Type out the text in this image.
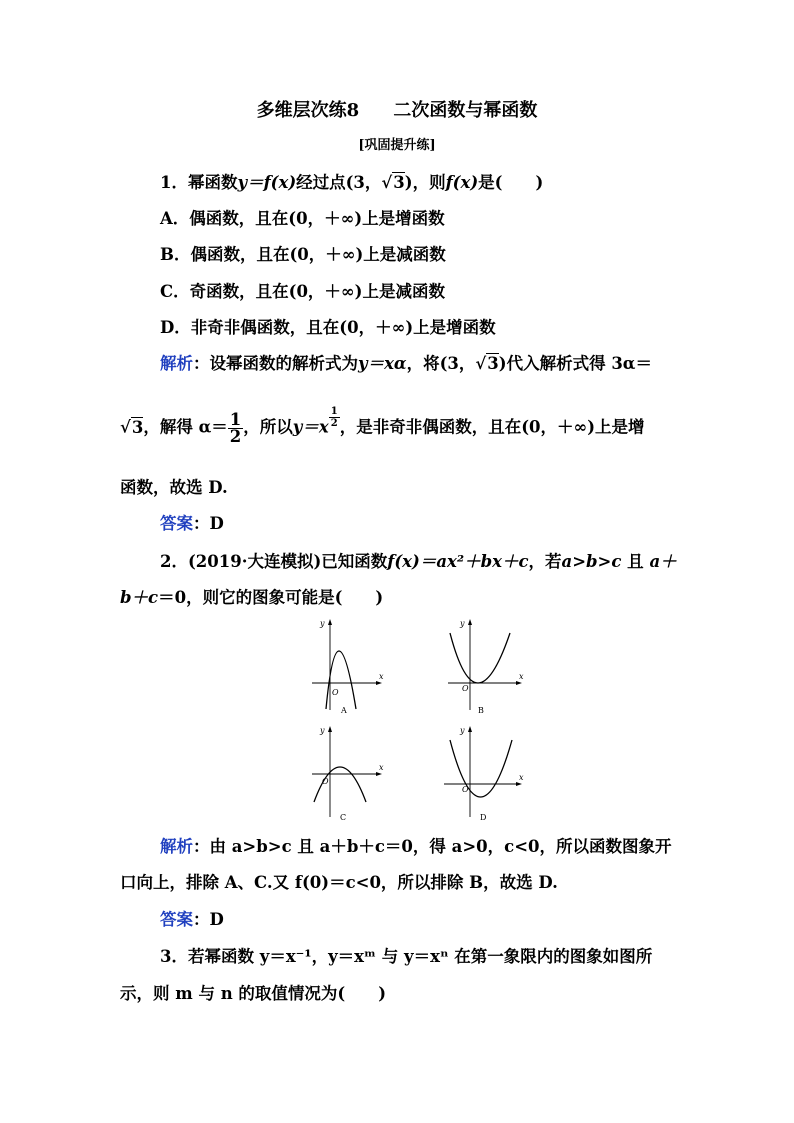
多维层次练8 二次函数与幂函数
[巩固提升练]
1．幂函数y＝f(x)经过点(3，√3)，则f(x)是(　　)
A．偶函数，且在(0，＋∞)上是增函数
B．偶函数，且在(0，＋∞)上是减函数
C．奇函数，且在(0，＋∞)上是减函数
D．非奇非偶函数，且在(0，＋∞)上是增函数
解析：设幂函数的解析式为y＝xα，将(3，√3)代入解析式得 3α＝
√3，解得 $\alpha= \frac{1}{2}$ ，所以$y=x \frac{1}{2}$ ，是非奇非偶函数，且在(0，＋∞)上是增
函数，故选 D.
答案：D
2．(2019·大连模拟)已知函数f(x)＝ax²＋bx＋c，若a>b>c 且 a＋
b＋c＝0，则它的图象可能是(　　)
y
x
O
A
y
x
O
B
y
x
O
C
y
x
O
D
解析：由 a>b>c 且 a＋b＋c＝0，得 a>0，c<0，所以函数图象开
口向上，排除 A、C.又 f(0)＝c<0，所以排除 B，故选 D.
答案：D
3．若幂函数 y＝x⁻¹，y＝xᵐ 与 y＝xⁿ 在第一象限内的图象如图所
示，则 m 与 n 的取值情况为(　　)
